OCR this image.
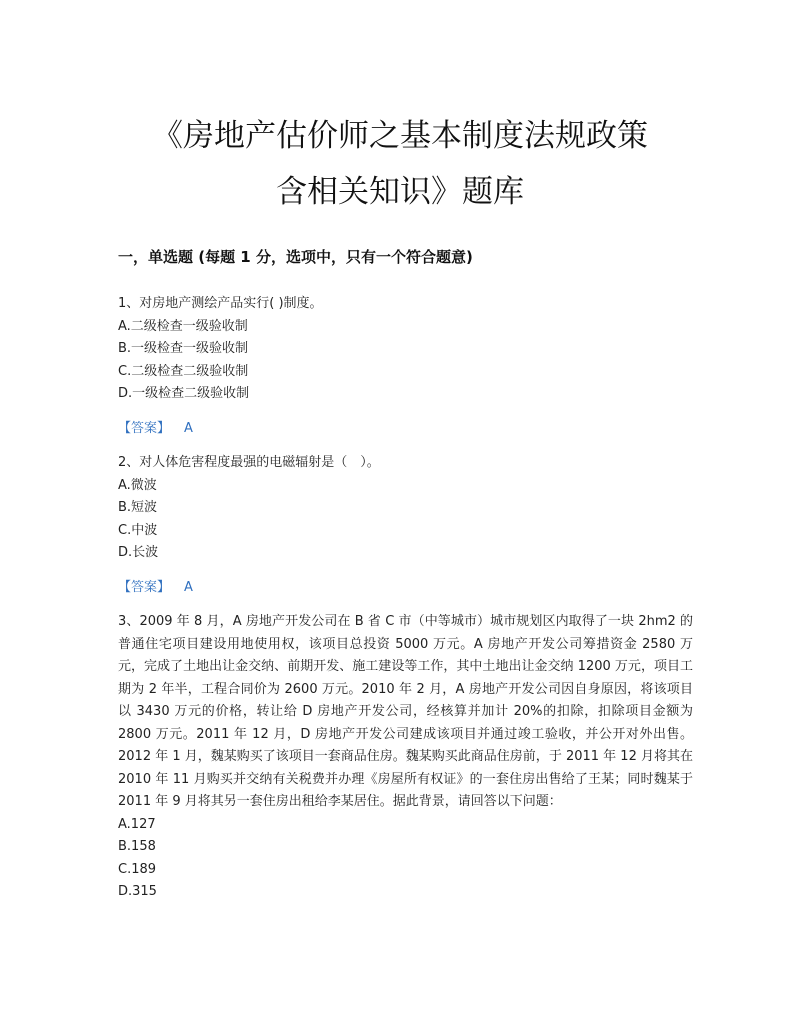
《房地产估价师之基本制度法规政策
含相关知识》题库
一，单选题 (每题 1 分，选项中，只有一个符合题意)

1、对房地产测绘产品实行( )制度。

A.二级检查一级验收制

B.一级检查一级验收制

C.二级检查二级验收制

D.一级检查二级验收制

【答案】 A

2、对人体危害程度最强的电磁辐射是（　）。

A.微波

B.短波

C.中波

D.长波

【答案】 A

3、2009 年 8 月，A 房地产开发公司在 B 省 C 市（中等城市）城市规划区内取得了一块 2hm2 的普通住宅项目建设用地使用权，该项目总投资 5000 万元。A 房地产开发公司筹措资金 2580 万元，完成了土地出让金交纳、前期开发、施工建设等工作，其中土地出让金交纳 1200 万元，项目工期为 2 年半，工程合同价为 2600 万元。2010 年 2 月，A 房地产开发公司因自身原因，将该项目以 3430 万元的价格，转让给 D 房地产开发公司，经核算并加计 20%的扣除，扣除项目金额为 2800 万元。2011 年 12 月，D 房地产开发公司建成该项目并通过竣工验收，并公开对外出售。2012 年 1 月，魏某购买了该项目一套商品住房。魏某购买此商品住房前，于 2011 年 12 月将其在 2010 年 11 月购买并交纳有关税费并办理《房屋所有权证》的一套住房出售给了王某；同时魏某于 2011 年 9 月将其另一套住房出租给李某居住。据此背景，请回答以下问题：

A.127

B.158

C.189

D.315
